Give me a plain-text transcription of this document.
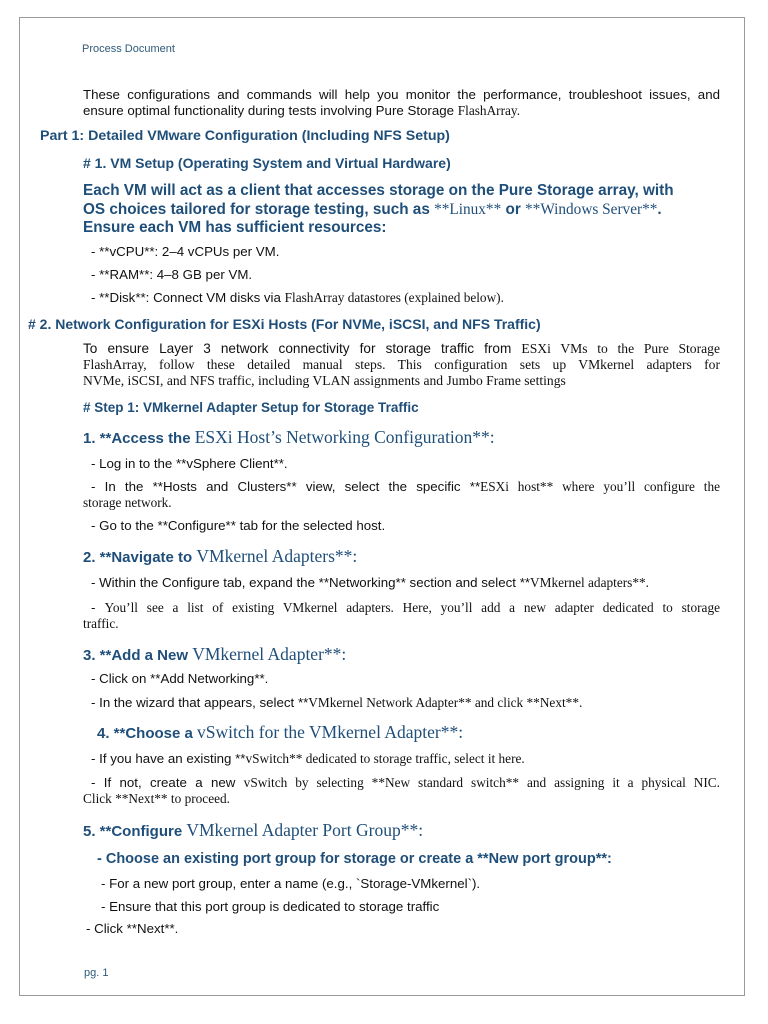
Process Document
These configurations and commands will help you monitor the performance, troubleshoot issues, and
ensure optimal functionality during tests involving Pure Storage FlashArray.
Part 1: Detailed VMware Configuration (Including NFS Setup)
# 1. VM Setup (Operating System and Virtual Hardware)
Each VM will act as a client that accesses storage on the Pure Storage array, with
OS choices tailored for storage testing, such as **Linux** or **Windows Server**.
Ensure each VM has sufficient resources:
- **vCPU**: 2–4 vCPUs per VM.
- **RAM**: 4–8 GB per VM.
- **Disk**: Connect VM disks via FlashArray datastores (explained below).
# 2. Network Configuration for ESXi Hosts (For NVMe, iSCSI, and NFS Traffic)
To ensure Layer 3 network connectivity for storage traffic from ESXi VMs to the Pure Storage
FlashArray, follow these detailed manual steps. This configuration sets up VMkernel adapters for
NVMe, iSCSI, and NFS traffic, including VLAN assignments and Jumbo Frame settings
# Step 1: VMkernel Adapter Setup for Storage Traffic
1. **Access the ESXi Host’s Networking Configuration**:
- Log in to the **vSphere Client**.
- In the **Hosts and Clusters** view, select the specific **ESXi host** where you’ll configure the
storage network.
- Go to the **Configure** tab for the selected host.
2. **Navigate to VMkernel Adapters**:
- Within the Configure tab, expand the **Networking** section and select **VMkernel adapters**.
- You’ll see a list of existing VMkernel adapters. Here, you’ll add a new adapter dedicated to storage
traffic.
3. **Add a New VMkernel Adapter**:
- Click on **Add Networking**.
- In the wizard that appears, select **VMkernel Network Adapter** and click **Next**.
4. **Choose a vSwitch for the VMkernel Adapter**:
- If you have an existing **vSwitch** dedicated to storage traffic, select it here.
- If not, create a new vSwitch by selecting **New standard switch** and assigning it a physical NIC.
Click **Next** to proceed.
5. **Configure VMkernel Adapter Port Group**:
- Choose an existing port group for storage or create a **New port group**:
- For a new port group, enter a name (e.g., `Storage-VMkernel`).
- Ensure that this port group is dedicated to storage traffic
- Click **Next**.
pg. 1
